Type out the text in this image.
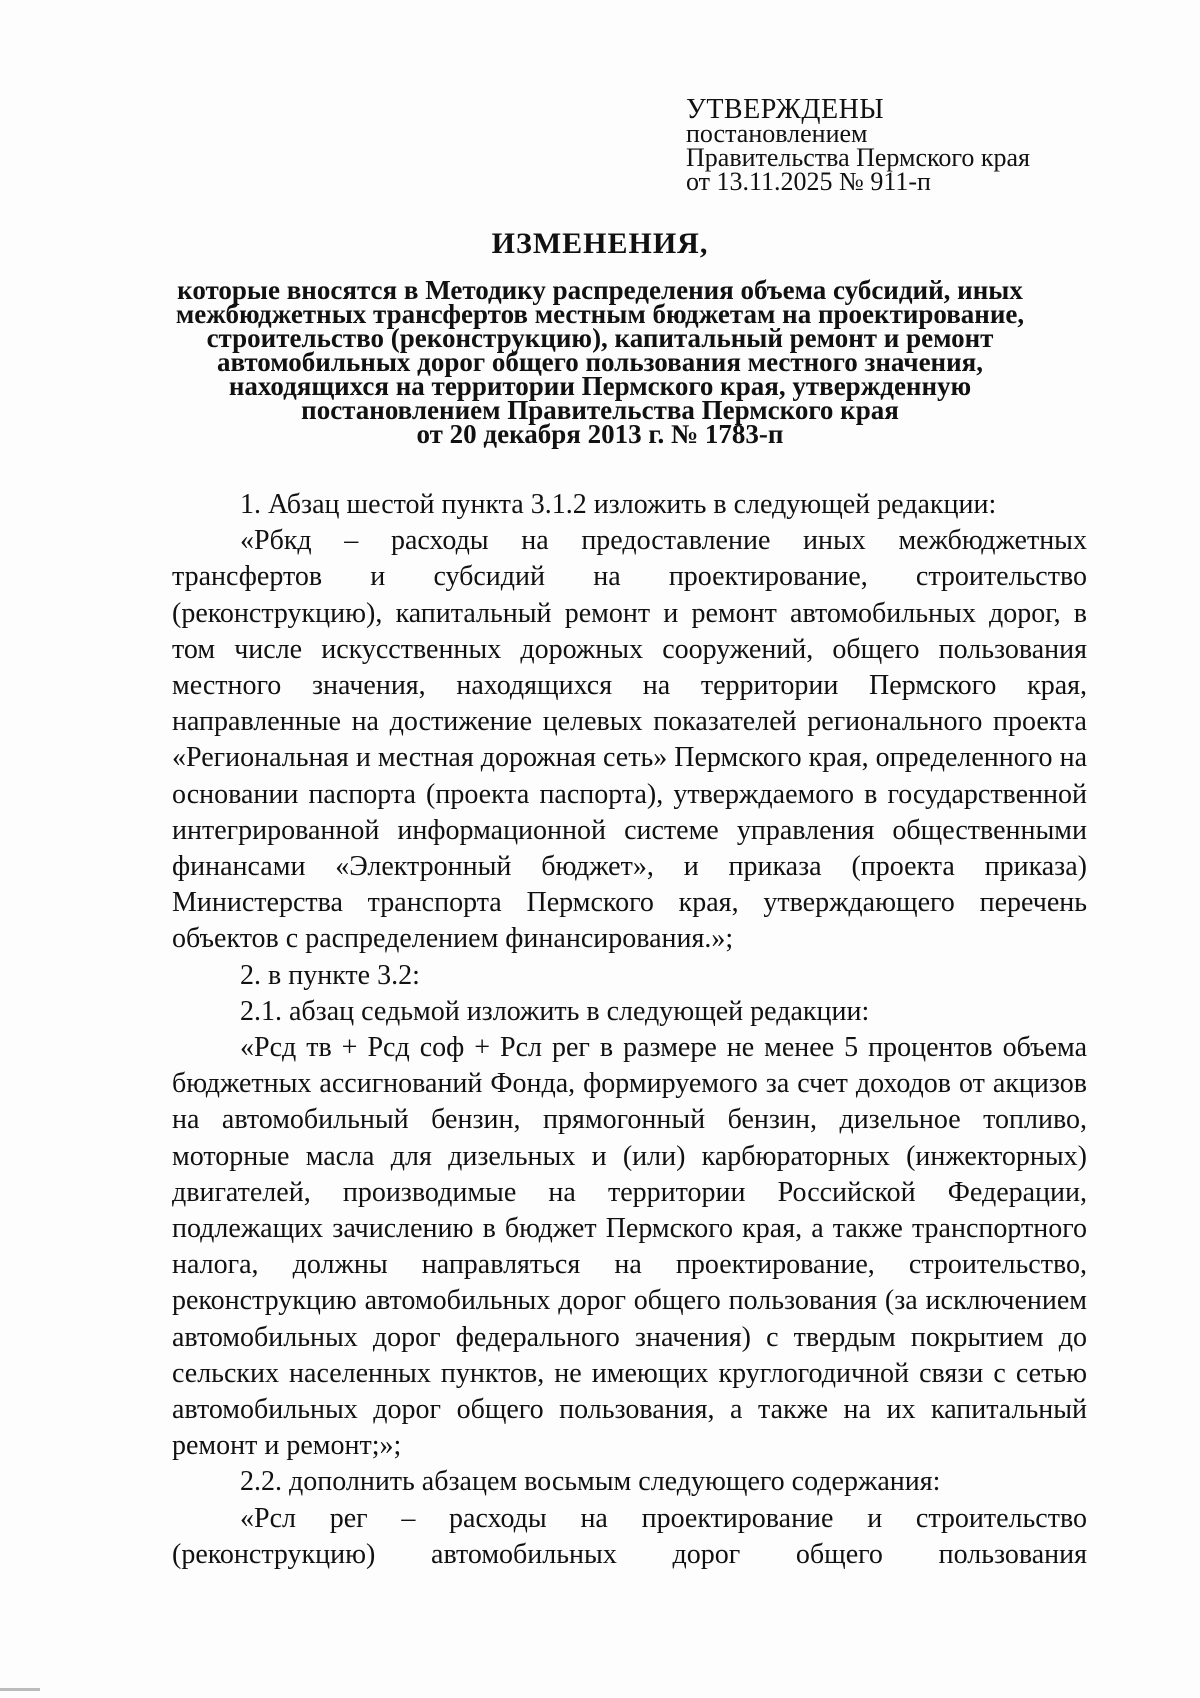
УТВЕРЖДЕНЫ
постановлением
Правительства Пермского края
от 13.11.2025 № 911-п
ИЗМЕНЕНИЯ,
которые вносятся в Методику распределения объема субсидий, иных
межбюджетных трансфертов местным бюджетам на проектирование,
строительство (реконструкцию), капитальный ремонт и ремонт
автомобильных дорог общего пользования местного значения,
находящихся на территории Пермского края, утвержденную
постановлением Правительства Пермского края
от 20 декабря 2013 г. № 1783-п

1. Абзац шестой пункта 3.1.2 изложить в следующей редакции:

«Рбкд – расходы на предоставление иных межбюджетных трансфертов и субсидий на проектирование, строительство (реконструкцию), капитальный ремонт и ремонт автомобильных дорог, в том числе искусственных дорожных сооружений, общего пользования местного значения, находящихся на территории Пермского края, направленные на достижение целевых показателей регионального проекта «Региональная и местная дорожная сеть» Пермского края, определенного на основании паспорта (проекта паспорта), утверждаемого в государственной интегрированной информационной системе управления общественными финансами «Электронный бюджет», и приказа (проекта приказа) Министерства транспорта Пермского края, утверждающего перечень объектов с распределением финансирования.»;

2. в пункте 3.2:

2.1. абзац седьмой изложить в следующей редакции:

«Рсд тв + Рсд соф + Рсл рег в размере не менее 5 процентов объема бюджетных ассигнований Фонда, формируемого за счет доходов от акцизов на автомобильный бензин, прямогонный бензин, дизельное топливо, моторные масла для дизельных и (или) карбюраторных (инжекторных) двигателей, производимые на территории Российской Федерации, подлежащих зачислению в бюджет Пермского края, а также транспортного налога, должны направляться на проектирование, строительство, реконструкцию автомобильных дорог общего пользования (за исключением автомобильных дорог федерального значения) с твердым покрытием до сельских населенных пунктов, не имеющих круглогодичной связи с сетью автомобильных дорог общего пользования, а также на их капитальный ремонт и ремонт;»;

2.2. дополнить абзацем восьмым следующего содержания:

«Рсл рег – расходы на проектирование и строительство (реконструкцию) автомобильных дорог общего пользования
